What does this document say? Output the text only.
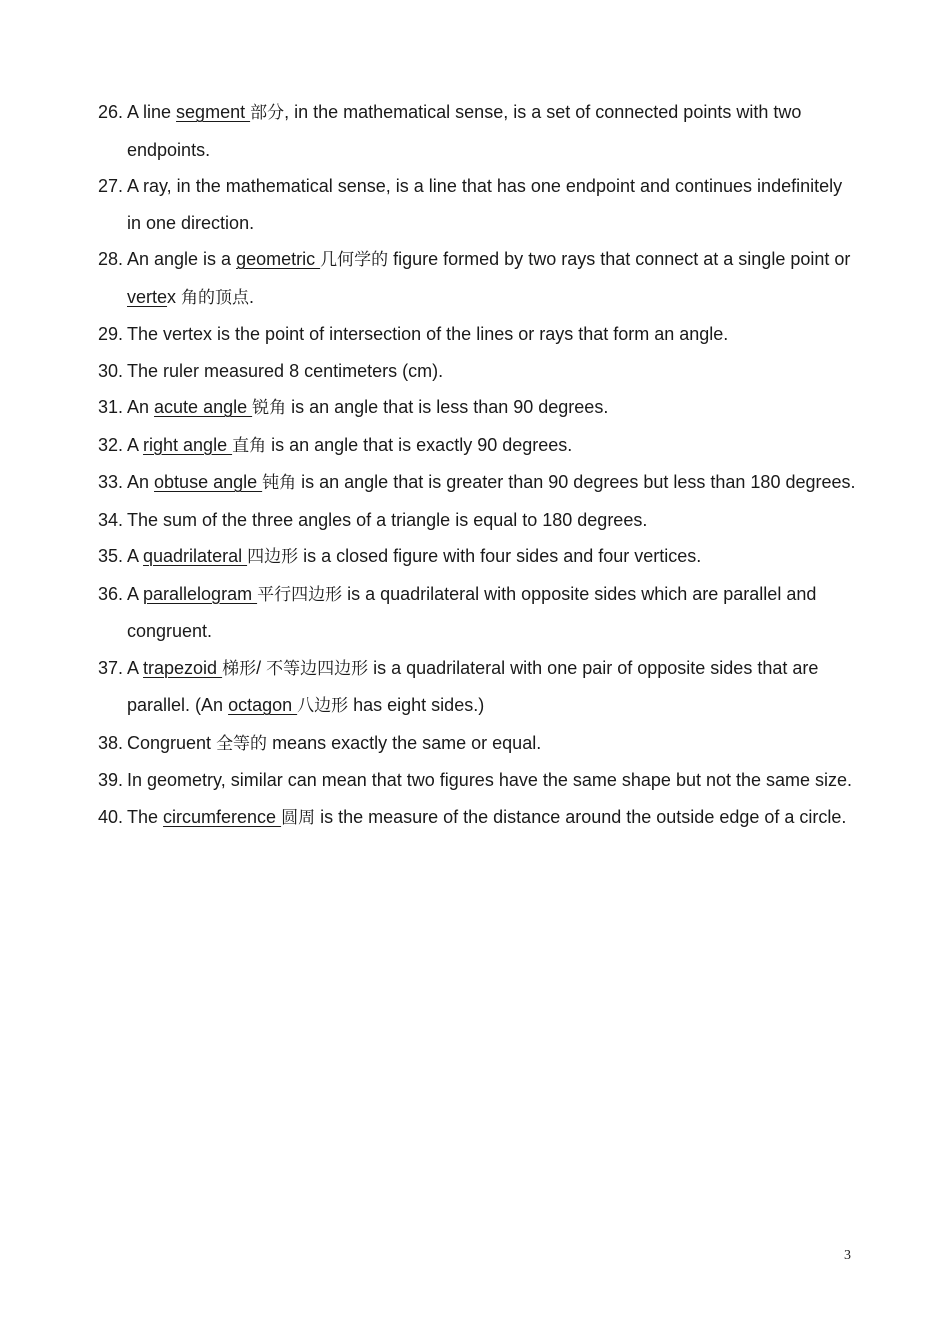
26. A line segment 部分, in the mathematical sense, is a set of connected points with two endpoints.
27. A ray, in the mathematical sense, is a line that has one endpoint and continues indefinitely in one direction.
28. An angle is a geometric 几何学的 figure formed by two rays that connect at a single point or vertex 角的顶点.
29. The vertex is the point of intersection of the lines or rays that form an angle.
30. The ruler measured 8 centimeters (cm).
31. An acute angle 锐角 is an angle that is less than 90 degrees.
32. A right angle 直角 is an angle that is exactly 90 degrees.
33. An obtuse angle 钝角 is an angle that is greater than 90 degrees but less than 180 degrees.
34. The sum of the three angles of a triangle is equal to 180 degrees.
35. A quadrilateral 四边形 is a closed figure with four sides and four vertices.
36. A parallelogram 平行四边形 is a quadrilateral with opposite sides which are parallel and congruent.
37. A trapezoid 梯形/ 不等边四边形 is a quadrilateral with one pair of opposite sides that are parallel. (An octagon 八边形 has eight sides.)
38. Congruent 全等的 means exactly the same or equal.
39. In geometry, similar can mean that two figures have the same shape but not the same size.
40. The circumference 圆周 is the measure of the distance around the outside edge of a circle.
3
